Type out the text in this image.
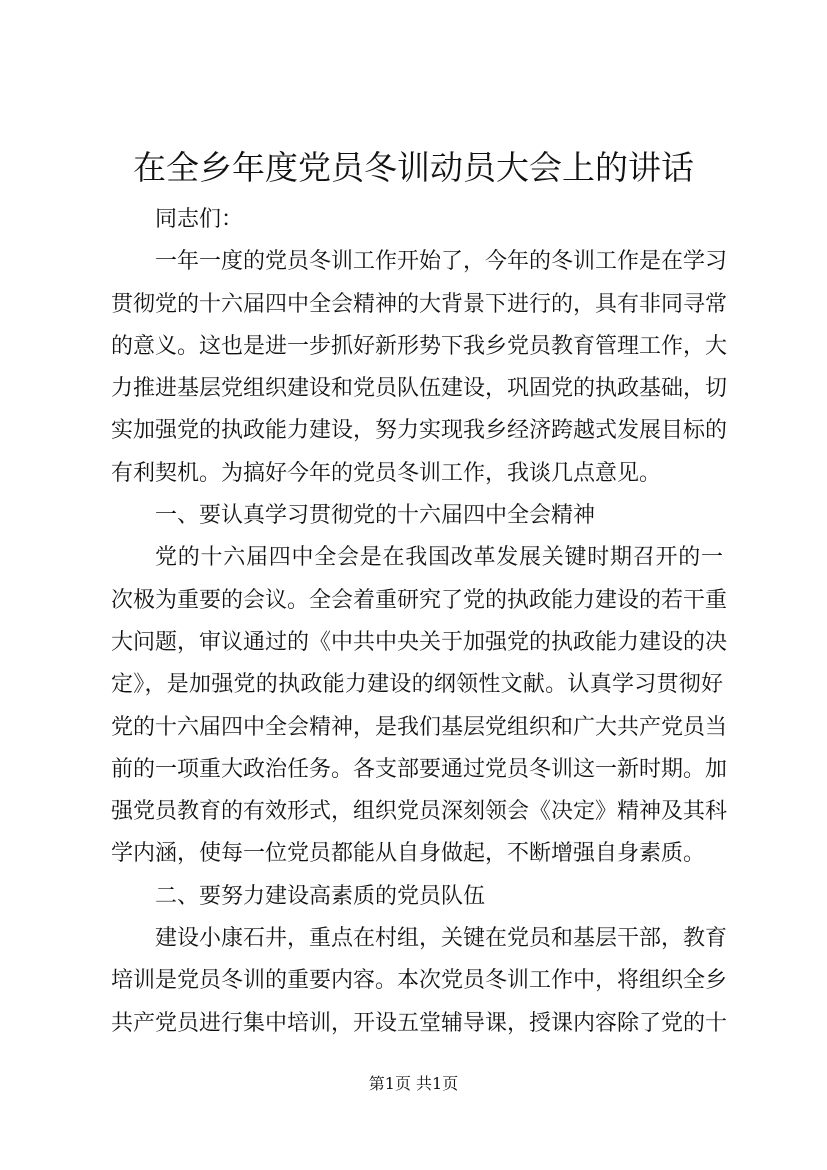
在全乡年度党员冬训动员大会上的讲话
同志们：
一年一度的党员冬训工作开始了，今年的冬训工作是在学习
贯彻党的十六届四中全会精神的大背景下进行的，具有非同寻常
的意义。这也是进一步抓好新形势下我乡党员教育管理工作，大
力推进基层党组织建设和党员队伍建设，巩固党的执政基础，切
实加强党的执政能力建设，努力实现我乡经济跨越式发展目标的
有利契机。为搞好今年的党员冬训工作，我谈几点意见。
一、要认真学习贯彻党的十六届四中全会精神
党的十六届四中全会是在我国改革发展关键时期召开的一
次极为重要的会议。全会着重研究了党的执政能力建设的若干重
大问题，审议通过的《中共中央关于加强党的执政能力建设的决
定》，是加强党的执政能力建设的纲领性文献。认真学习贯彻好
党的十六届四中全会精神，是我们基层党组织和广大共产党员当
前的一项重大政治任务。各支部要通过党员冬训这一新时期。加
强党员教育的有效形式，组织党员深刻领会《决定》精神及其科
学内涵，使每一位党员都能从自身做起，不断增强自身素质。
二、要努力建设高素质的党员队伍
建设小康石井，重点在村组，关键在党员和基层干部，教育
培训是党员冬训的重要内容。本次党员冬训工作中，将组织全乡
共产党员进行集中培训，开设五堂辅导课，授课内容除了党的十
第1页 共1页
